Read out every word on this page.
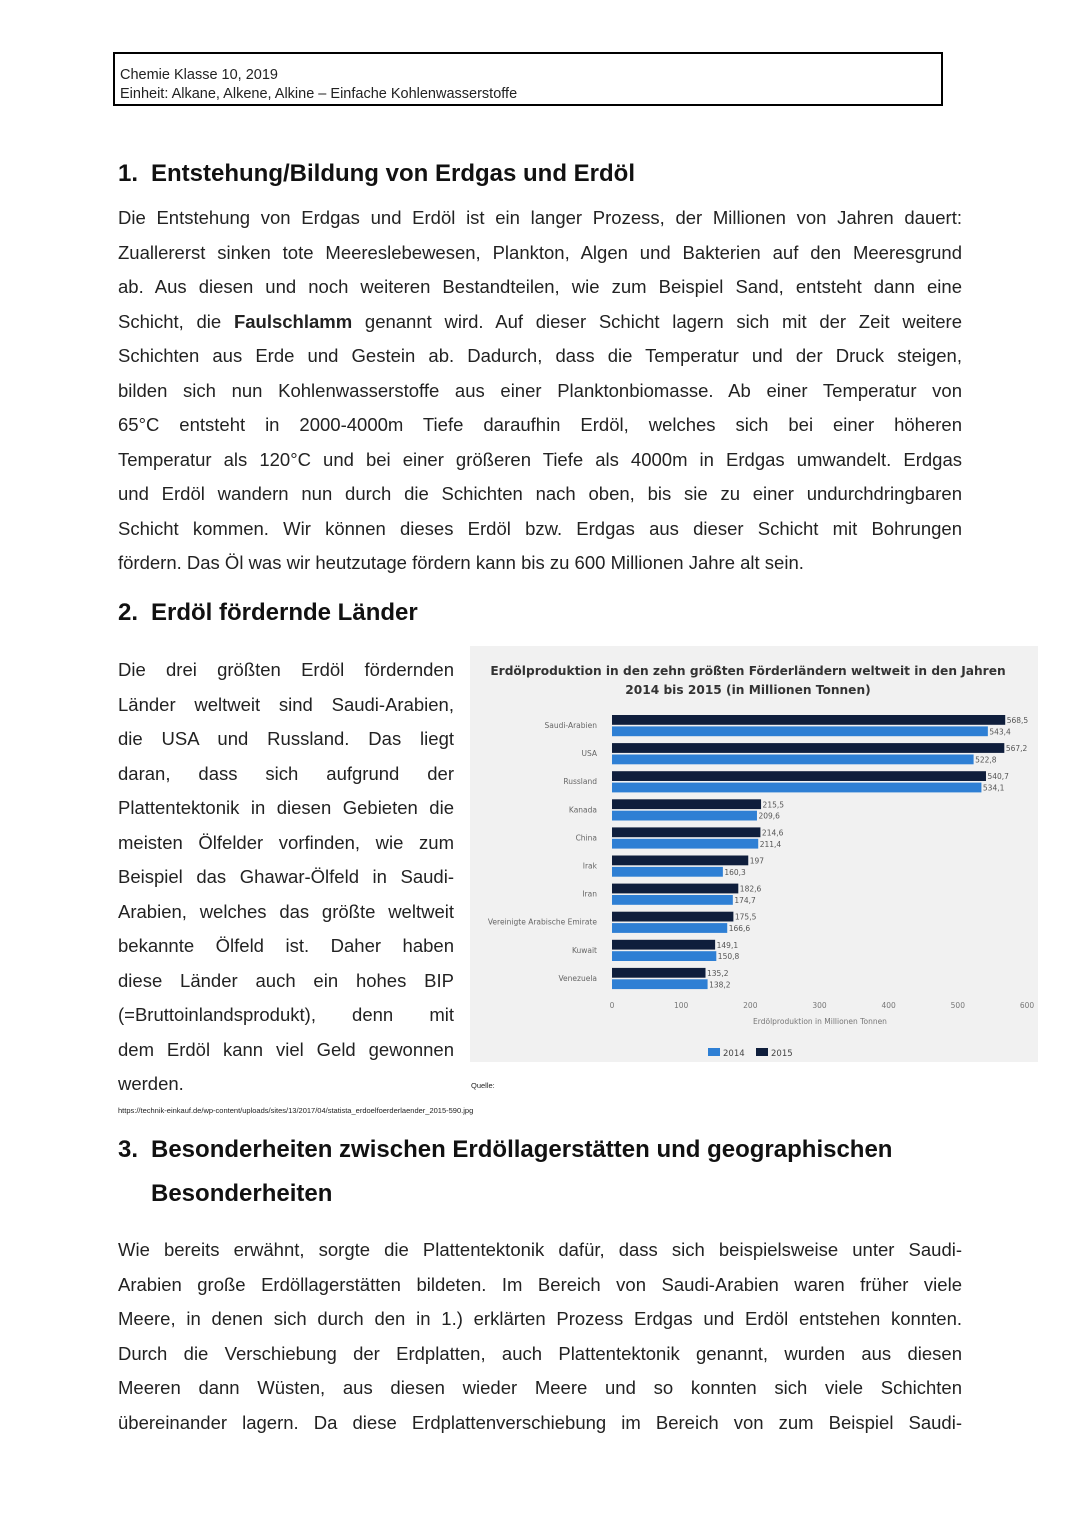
Chemie Klasse 10, 2019
Einheit: Alkane, Alkene, Alkine – Einfache Kohlenwasserstoffe
1. Entstehung/Bildung von Erdgas und Erdöl
Die Entstehung von Erdgas und Erdöl ist ein langer Prozess, der Millionen von Jahren dauert:
Zuallererst sinken tote Meereslebewesen, Plankton, Algen und Bakterien auf den Meeresgrund
ab. Aus diesen und noch weiteren Bestandteilen, wie zum Beispiel Sand, entsteht dann eine
Schicht, die Faulschlamm genannt wird. Auf dieser Schicht lagern sich mit der Zeit weitere
Schichten aus Erde und Gestein ab. Dadurch, dass die Temperatur und der Druck steigen,
bilden sich nun Kohlenwasserstoffe aus einer Planktonbiomasse. Ab einer Temperatur von
65°C entsteht in 2000-4000m Tiefe daraufhin Erdöl, welches sich bei einer höheren
Temperatur als 120°C und bei einer größeren Tiefe als 4000m in Erdgas umwandelt. Erdgas
und Erdöl wandern nun durch die Schichten nach oben, bis sie zu einer undurchdringbaren
Schicht kommen. Wir können dieses Erdöl bzw. Erdgas aus dieser Schicht mit Bohrungen
fördern. Das Öl was wir heutzutage fördern kann bis zu 600 Millionen Jahre alt sein.
2. Erdöl fördernde Länder
Die drei größten Erdöl fördernden
Länder weltweit sind Saudi-Arabien,
die USA und Russland. Das liegt
daran, dass sich aufgrund der
Plattentektonik in diesen Gebieten die
meisten Ölfelder vorfinden, wie zum
Beispiel das Ghawar-Ölfeld in Saudi-
Arabien, welches das größte weltweit
bekannte Ölfeld ist. Daher haben
diese Länder auch ein hohes BIP
(=Bruttoinlandsprodukt), denn mit
dem Erdöl kann viel Geld gewonnen
werden.
Erdölproduktion in den zehn größten Förderländern weltweit in den Jahren
2014 bis 2015 (in Millionen Tonnen)
Saudi-Arabien
568,5
543,4
USA
567,2
522,8
Russland
540,7
534,1
Kanada
215,5
209,6
China
214,6
211,4
Irak
197
160,3
Iran
182,6
174,7
Vereinigte Arabische Emirate
175,5
166,6
Kuwait
149,1
150,8
Venezuela
135,2
138,2
0	100	200	300	400	500	600
Erdölproduktion in Millionen Tonnen
2014	2015
Quelle:
https://technik-einkauf.de/wp-content/uploads/sites/13/2017/04/statista_erdoelfoerderlaender_2015-590.jpg
3. Besonderheiten zwischen Erdöllagerstätten und geographischen
Besonderheiten
Wie bereits erwähnt, sorgte die Plattentektonik dafür, dass sich beispielsweise unter Saudi-
Arabien große Erdöllagerstätten bildeten. Im Bereich von Saudi-Arabien waren früher viele
Meere, in denen sich durch den in 1.) erklärten Prozess Erdgas und Erdöl entstehen konnten.
Durch die Verschiebung der Erdplatten, auch Plattentektonik genannt, wurden aus diesen
Meeren dann Wüsten, aus diesen wieder Meere und so konnten sich viele Schichten
übereinander lagern. Da diese Erdplattenverschiebung im Bereich von zum Beispiel Saudi-
